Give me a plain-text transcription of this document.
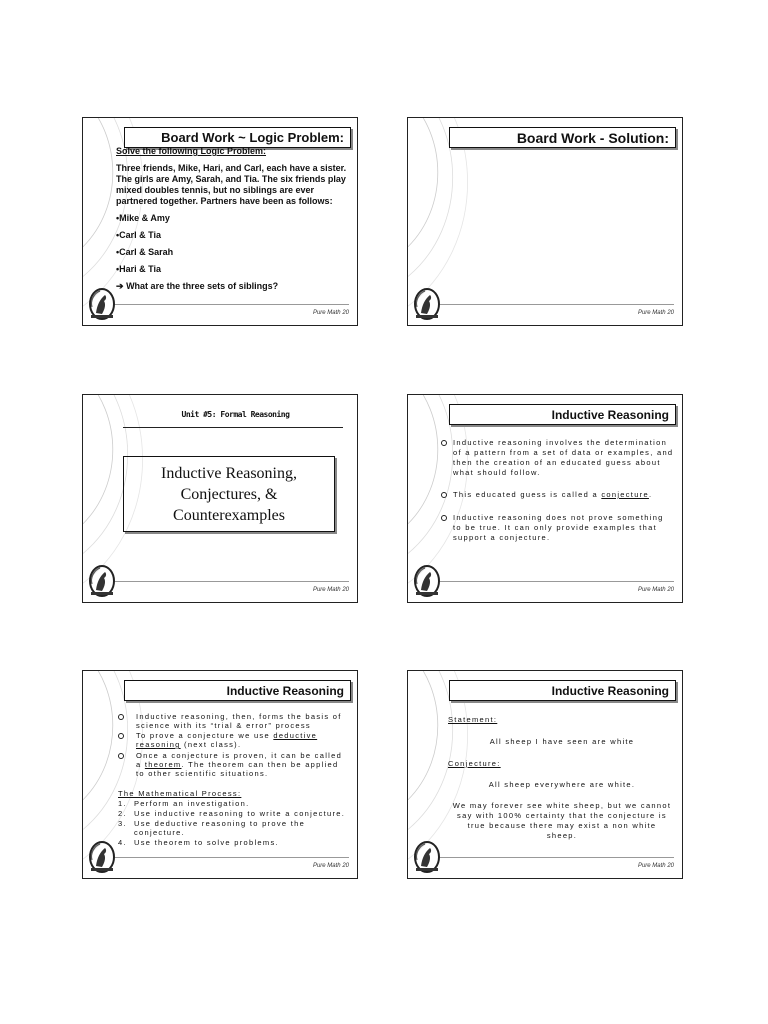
Board Work ~ Logic Problem:

Solve the following Logic Problem:

Three friends, Mike, Hari, and Carl, each have a sister. The girls are Amy, Sarah, and Tia. The six friends play mixed doubles tennis, but no siblings are ever partnered together. Partners have been as follows:

•Mike & Amy

•Carl & Tia

•Carl & Sarah

•Hari & Tia

➔ What are the three sets of siblings?

Pure Math 20
Board Work - Solution:
Pure Math 20
Unit #5: Formal Reasoning
Inductive Reasoning,
Conjectures, &
Counterexamples
Pure Math 20
Inductive Reasoning
Inductive reasoning involves the determination of a pattern from a set of data or examples, and then the creation of an educated guess about what should follow.
This educated guess is called a conjecture.
Inductive reasoning does not prove something to be true. It can only provide examples that support a conjecture.
Pure Math 20
Inductive Reasoning
Inductive reasoning, then, forms the basis of science with its “trial & error” process
To prove a conjecture we use deductive reasoning (next class).
Once a conjecture is proven, it can be called a theorem. The theorem can then be applied to other scientific situations.
The Mathematical Process:
1. Perform an investigation.
2. Use inductive reasoning to write a conjecture.
3. Use deductive reasoning to prove the conjecture.
4. Use theorem to solve problems.
Pure Math 20
Inductive Reasoning
Statement:
All sheep I have seen are white
Conjecture:
All sheep everywhere are white.
We may forever see white sheep, but we cannot say with 100% certainty that the conjecture is true because there may exist a non white sheep.
Pure Math 20
